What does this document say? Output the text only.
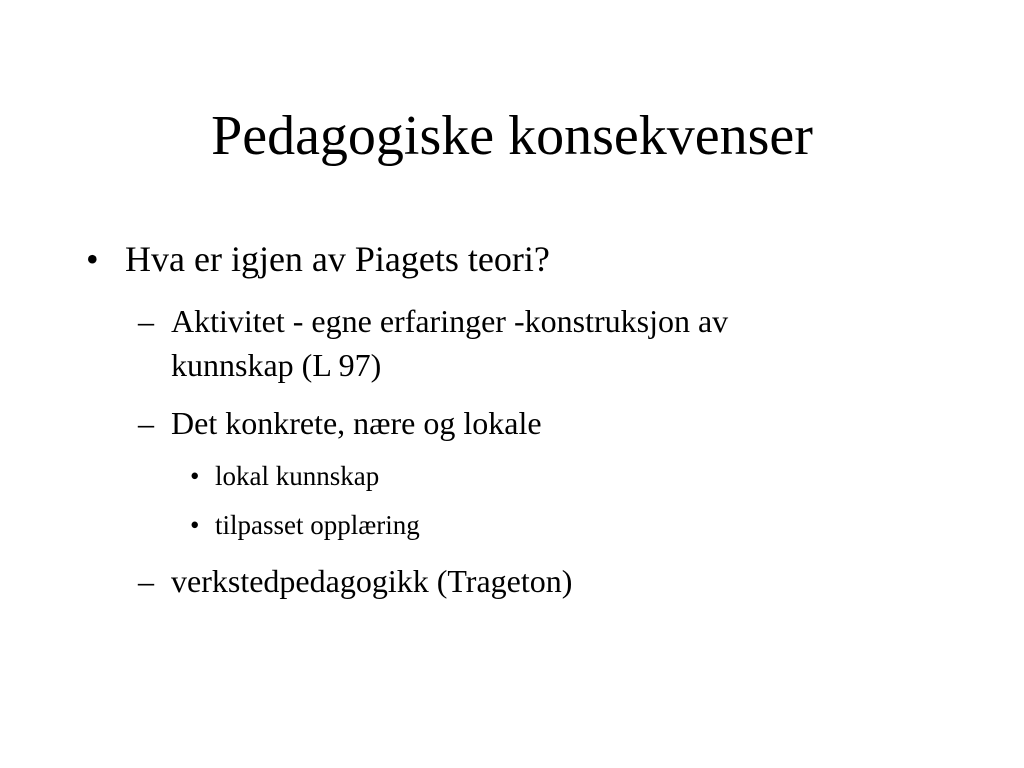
Pedagogiske konsekvenser
• Hva er igjen av Piagets teori?
– Aktivitet - egne erfaringer -konstruksjon av
kunnskap (L 97)
– Det konkrete, nære og lokale
• lokal kunnskap
• tilpasset opplæring
– verkstedpedagogikk (Trageton)
